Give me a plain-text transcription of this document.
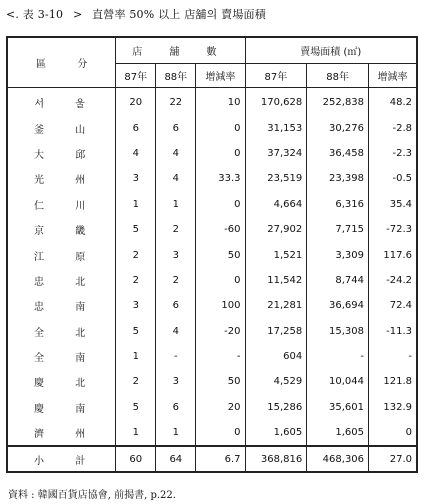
<. 表 3-10 > 直營率 50% 以上 店舖의 賣場面積
區 分	店 舖 數			賣場面積 (㎡)		
	87年	88年	增減率	87年	88年	增減率
서 울	20	22	10	170,628	252,838	48.2
釜 山	6	6	0	31,153	30,276	-2.8
大 邱	4	4	0	37,324	36,458	-2.3
光 州	3	4	33.3	23,519	23,398	-0.5
仁 川	1	1	0	4,664	6,316	35.4
京 畿	5	2	-60	27,902	7,715	-72.3
江 原	2	3	50	1,521	3,309	117.6
忠 北	2	2	0	11,542	8,744	-24.2
忠 南	3	6	100	21,281	36,694	72.4
全 北	5	4	-20	17,258	15,308	-11.3
全 南	1	-	-	604	-	-
慶 北	2	3	50	4,529	10,044	121.8
慶 南	5	6	20	15,286	35,601	132.9
濟 州	1	1	0	1,605	1,605	0
小 計	60	64	6.7	368,816	468,306	27.0
資料 : 韓國百貨店協會, 前揭書, p.22.
